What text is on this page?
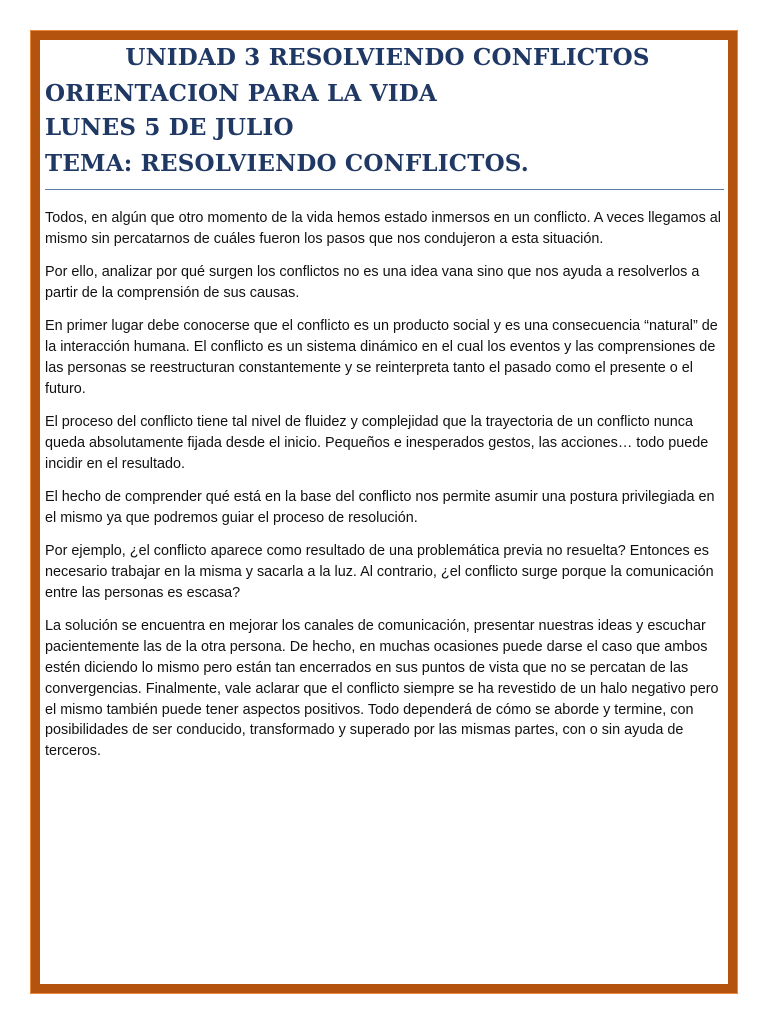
UNIDAD 3 RESOLVIENDO CONFLICTOS
ORIENTACION PARA LA VIDA
LUNES 5 DE JULIO
TEMA: RESOLVIENDO CONFLICTOS.

Todos, en algún que otro momento de la vida hemos estado inmersos en un conflicto. A veces llegamos al mismo sin percatarnos de cuáles fueron los pasos que nos condujeron a esta situación.

Por ello, analizar por qué surgen los conflictos no es una idea vana sino que nos ayuda a resolverlos a partir de la comprensión de sus causas.

En primer lugar debe conocerse que el conflicto es un producto social y es una consecuencia “natural” de la interacción humana. El conflicto es un sistema dinámico en el cual los eventos y las comprensiones de las personas se reestructuran constantemente y se reinterpreta tanto el pasado como el presente o el futuro.

El proceso del conflicto tiene tal nivel de fluidez y complejidad que la trayectoria de un conflicto nunca queda absolutamente fijada desde el inicio. Pequeños e inesperados gestos, las acciones… todo puede incidir en el resultado.

El hecho de comprender qué está en la base del conflicto nos permite asumir una postura privilegiada en el mismo ya que podremos guiar el proceso de resolución.

Por ejemplo, ¿el conflicto aparece como resultado de una problemática previa no resuelta? Entonces es necesario trabajar en la misma y sacarla a la luz. Al contrario, ¿el conflicto surge porque la comunicación entre las personas es escasa?

La solución se encuentra en mejorar los canales de comunicación, presentar nuestras ideas y escuchar pacientemente las de la otra persona. De hecho, en muchas ocasiones puede darse el caso que ambos estén diciendo lo mismo pero están tan encerrados en sus puntos de vista que no se percatan de las convergencias. Finalmente, vale aclarar que el conflicto siempre se ha revestido de un halo negativo pero el mismo también puede tener aspectos positivos. Todo dependerá de cómo se aborde y termine, con posibilidades de ser conducido, transformado y superado por las mismas partes, con o sin ayuda de terceros.
